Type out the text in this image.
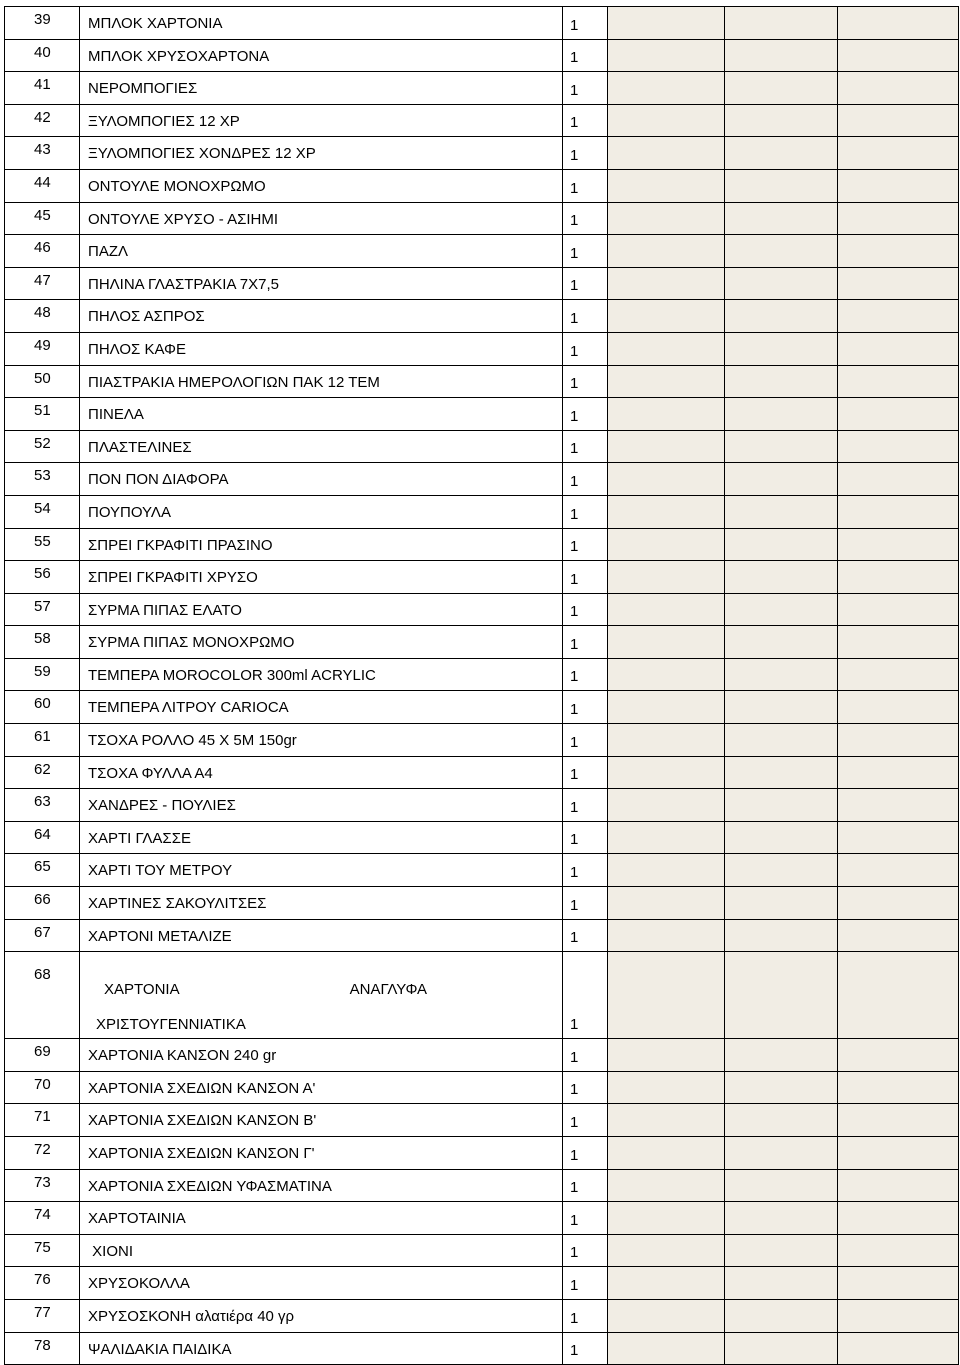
39	ΜΠΛΟΚ ΧΑΡΤΟΝΙΑ	1			

40	ΜΠΛΟΚ ΧΡΥΣΟΧΑΡΤΟΝΑ	1			

41	ΝΕΡΟΜΠΟΓΙΕΣ	1			

42	ΞΥΛΟΜΠΟΓΙΕΣ 12 ΧΡ	1			

43	ΞΥΛΟΜΠΟΓΙΕΣ ΧΟΝΔΡΕΣ 12 ΧΡ	1			

44	ΟΝΤΟΥΛΕ ΜΟΝΟΧΡΩΜΟ	1			

45	ΟΝΤΟΥΛΕ ΧΡΥΣΟ - ΑΣΙΗΜΙ	1			

46	ΠΑΖΛ	1			

47	ΠΗΛΙΝΑ ΓΛΑΣΤΡΑΚΙΑ 7Χ7,5	1			

48	ΠΗΛΟΣ ΑΣΠΡΟΣ	1			

49	ΠΗΛΟΣ ΚΑΦΕ	1			

50	ΠΙΑΣΤΡΑΚΙΑ ΗΜΕΡΟΛΟΓΙΩΝ ΠΑΚ 12 ΤΕΜ	1			

51	ΠΙΝΕΛΑ	1			

52	ΠΛΑΣΤΕΛΙΝΕΣ	1			

53	ΠΟΝ ΠΟΝ ΔΙΑΦΟΡΑ	1			

54	ΠΟΥΠΟΥΛΑ	1			

55	ΣΠΡΕΙ ΓΚΡΑΦΙΤΙ ΠΡΑΣΙΝΟ	1			

56	ΣΠΡΕΙ ΓΚΡΑΦΙΤΙ ΧΡΥΣΟ	1			

57	ΣΥΡΜΑ ΠΙΠΑΣ ΕΛΑΤΟ	1			

58	ΣΥΡΜΑ ΠΙΠΑΣ ΜΟΝΟΧΡΩΜΟ	1			

59	ΤΕΜΠΕΡΑ MOROCOLOR 300ml ACRYLIC	1			

60	ΤΕΜΠΕΡΑ ΛΙΤΡΟΥ CARIOCA	1			

61	ΤΣΟΧΑ ΡΟΛΛΟ 45 Χ 5Μ 150gr	1			

62	ΤΣΟΧΑ ΦΥΛΛΑ Α4	1			

63	ΧΑΝΔΡΕΣ - ΠΟΥΛΙΕΣ	1			

64	ΧΑΡΤΙ ΓΛΑΣΣΕ	1			

65	ΧΑΡΤΙ ΤΟΥ ΜΕΤΡΟΥ	1			

66	ΧΑΡΤΙΝΕΣ ΣΑΚΟΥΛΙΤΣΕΣ	1			

67	ΧΑΡΤΟΝΙ ΜΕΤΑΛΙΖΕ	1			

68	ΧΑΡΤΟΝΙΑ ΑΝΑΓΛΥΦΑ
ΧΡΙΣΤΟΥΓΕΝΝΙΑΤΙΚΑ	1			

69	ΧΑΡΤΟΝΙΑ ΚΑΝΣΟΝ 240 gr	1			

70	ΧΑΡΤΟΝΙΑ ΣΧΕΔΙΩΝ ΚΑΝΣΟΝ Α'	1			

71	ΧΑΡΤΟΝΙΑ ΣΧΕΔΙΩΝ ΚΑΝΣΟΝ Β'	1			

72	ΧΑΡΤΟΝΙΑ ΣΧΕΔΙΩΝ ΚΑΝΣΟΝ Γ'	1			

73	ΧΑΡΤΟΝΙΑ ΣΧΕΔΙΩΝ ΥΦΑΣΜΑΤΙΝΑ	1			

74	ΧΑΡΤΟΤΑΙΝΙΑ	1			

75	ΧΙΟΝΙ	1			

76	ΧΡΥΣΟΚΟΛΛΑ	1			

77	ΧΡΥΣΟΣΚΟΝΗ αλατιέρα 40 γρ	1			

78	ΨΑΛΙΔΑΚΙΑ ΠΑΙΔΙΚΑ	1			
